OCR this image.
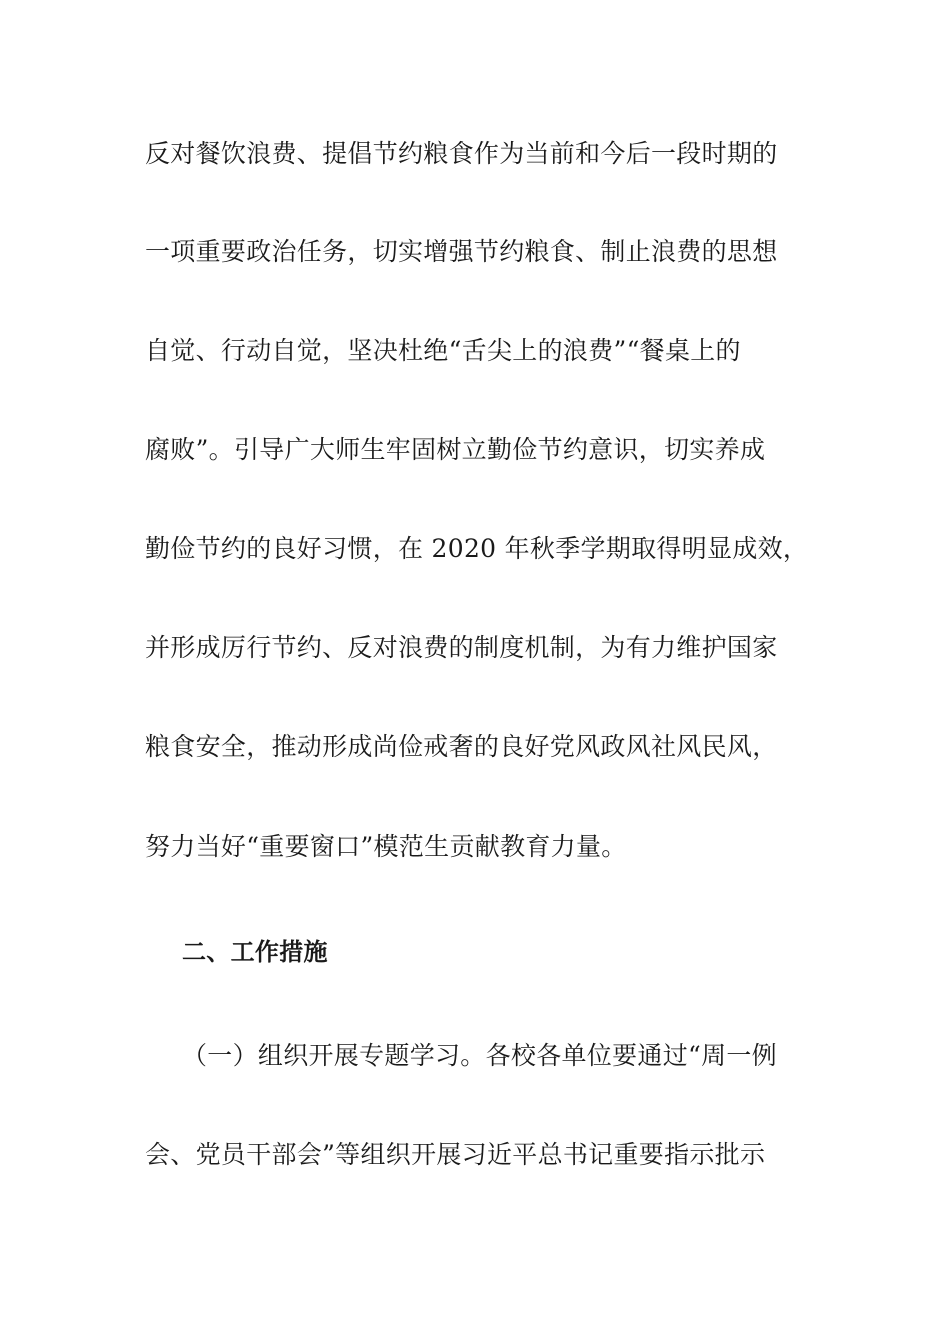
反对餐饮浪费、提倡节约粮食作为当前和今后一段时期的
一项重要政治任务，切实增强节约粮食、制止浪费的思想
自觉、行动自觉，坚决杜绝“舌尖上的浪费”“餐桌上的
腐败”。引导广大师生牢固树立勤俭节约意识，切实养成
勤俭节约的良好习惯，在 2020 年秋季学期取得明显成效，
并形成厉行节约、反对浪费的制度机制，为有力维护国家
粮食安全，推动形成尚俭戒奢的良好党风政风社风民风，
努力当好“重要窗口”模范生贡献教育力量。
二、工作措施
（一）组织开展专题学习。各校各单位要通过“周一例
会、党员干部会”等组织开展习近平总书记重要指示批示
